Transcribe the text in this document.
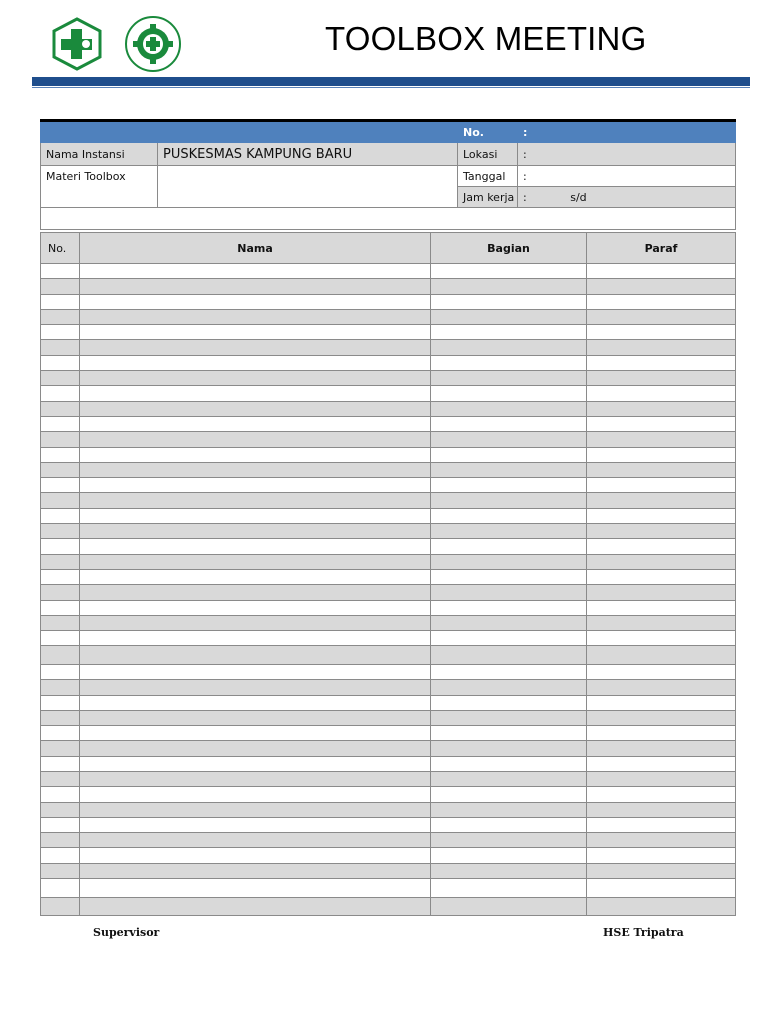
TOOLBOX MEETING
		No.	:
Nama Instansi	PUSKESMAS KAMPUNG BARU	Lokasi	:
Materi Toolbox		Tanggal	:
		Jam kerja	: s/d

No.	Nama	Bagian	Paraf

Supervisor	HSE Tripatra
